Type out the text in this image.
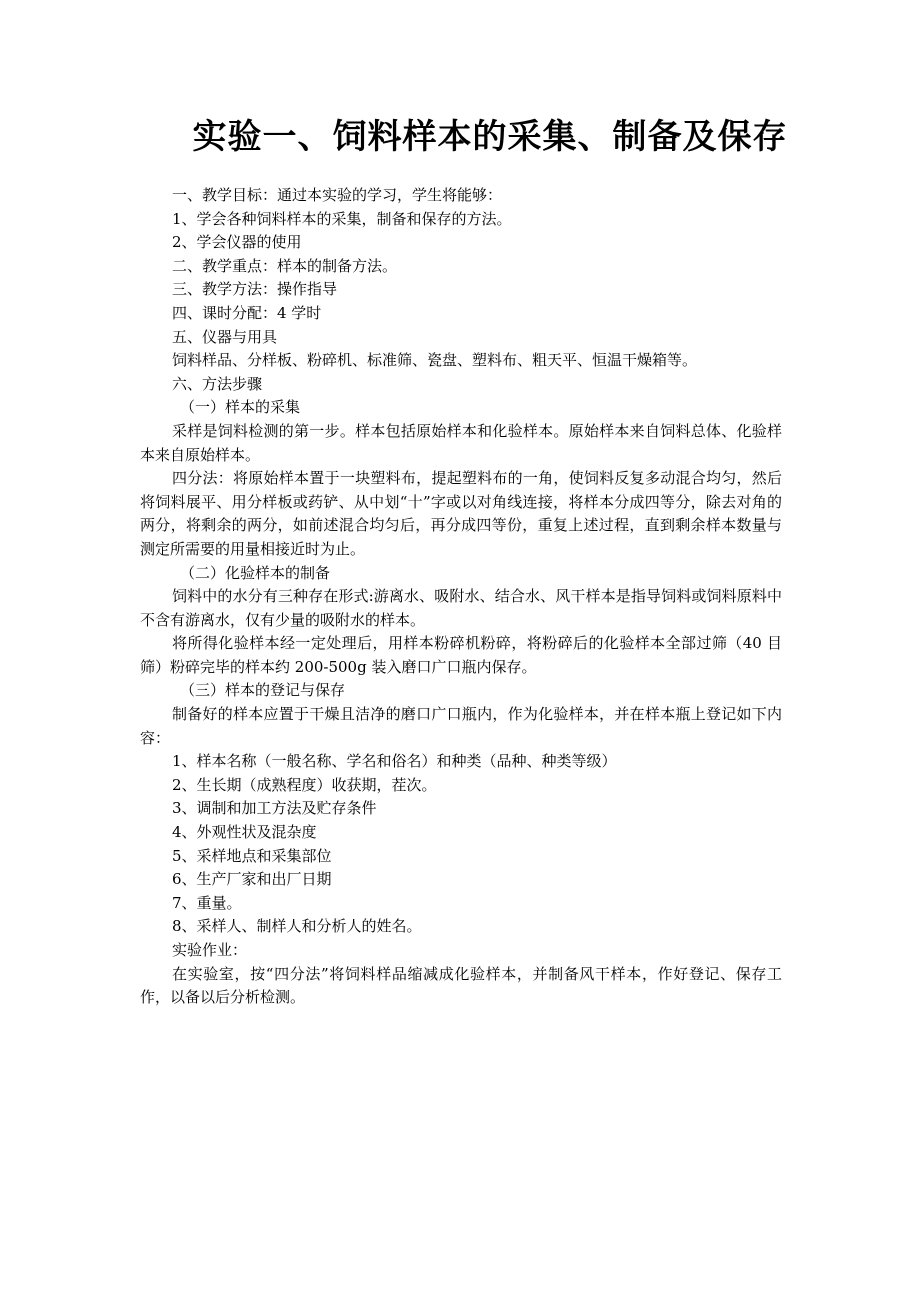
实验一、饲料样本的采集、制备及保存

一、教学目标：通过本实验的学习，学生将能够：

1、学会各种饲料样本的采集，制备和保存的方法。

2、学会仪器的使用

二、教学重点：样本的制备方法。

三、教学方法：操作指导

四、课时分配：4 学时

五、仪器与用具

饲料样品、分样板、粉碎机、标准筛、瓷盘、塑料布、粗天平、恒温干燥箱等。

六、方法步骤

（一）样本的采集

采样是饲料检测的第一步。样本包括原始样本和化验样本。原始样本来自饲料总体、化验样本来自原始样本。

四分法：将原始样本置于一块塑料布，提起塑料布的一角，使饲料反复多动混合均匀，然后将饲料展平、用分样板或药铲、从中划“十”字或以对角线连接，将样本分成四等分，除去对角的两分，将剩余的两分，如前述混合均匀后，再分成四等份，重复上述过程，直到剩余样本数量与测定所需要的用量相接近时为止。

（二）化验样本的制备

饲料中的水分有三种存在形式:游离水、吸附水、结合水、风干样本是指导饲料或饲料原料中不含有游离水，仅有少量的吸附水的样本。

将所得化验样本经一定处理后，用样本粉碎机粉碎，将粉碎后的化验样本全部过筛（40 目筛）粉碎完毕的样本约 200-500g 装入磨口广口瓶内保存。

（三）样本的登记与保存

制备好的样本应置于干燥且洁净的磨口广口瓶内，作为化验样本，并在样本瓶上登记如下内容：

1、样本名称（一般名称、学名和俗名）和种类（品种、种类等级）

2、生长期（成熟程度）收获期，茬次。

3、调制和加工方法及贮存条件

4、外观性状及混杂度

5、采样地点和采集部位

6、生产厂家和出厂日期

7、重量。

8、采样人、制样人和分析人的姓名。

实验作业：

在实验室，按“四分法”将饲料样品缩减成化验样本，并制备风干样本，作好登记、保存工作，以备以后分析检测。
